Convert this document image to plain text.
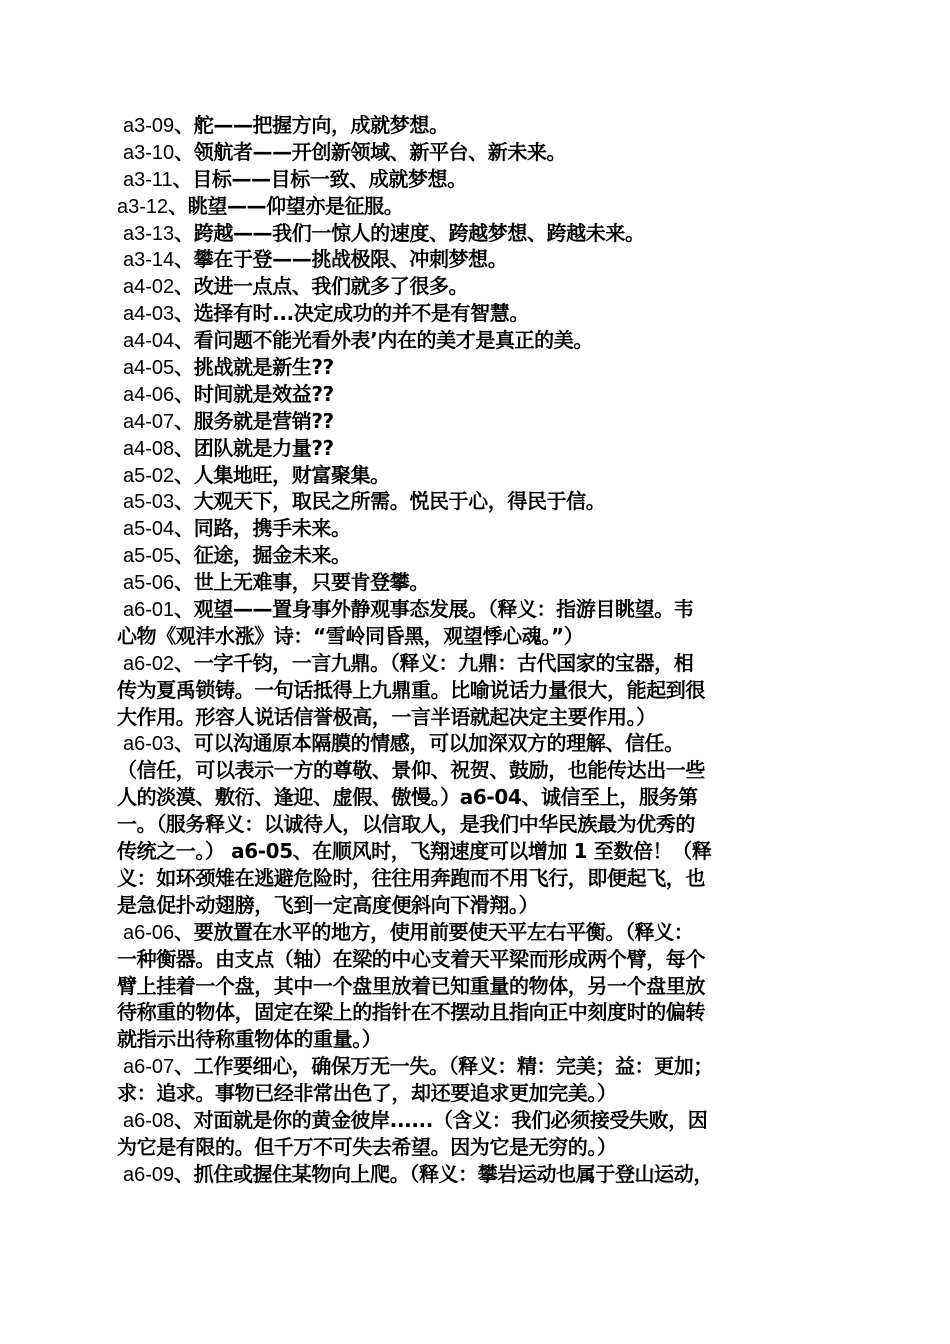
a3-09、舵——把握方向，成就梦想。
a3-10、领航者——开创新领域、新平台、新未来。
a3-11、目标——目标一致、成就梦想。
a3-12、眺望——仰望亦是征服。
a3-13、跨越——我们一惊人的速度、跨越梦想、跨越未来。
a3-14、攀在于登——挑战极限、冲刺梦想。
a4-02、改进一点点、我们就多了很多。
a4-03、选择有时...决定成功的并不是有智慧。
a4-04、看问题不能光看外表’内在的美才是真正的美。
a4-05、挑战就是新生??
a4-06、时间就是效益??
a4-07、服务就是营销??
a4-08、团队就是力量??
a5-02、人集地旺，财富聚集。
a5-03、大观天下，取民之所需。悦民于心，得民于信。
a5-04、同路，携手未来。
a5-05、征途，掘金未来。
a5-06、世上无难事，只要肯登攀。
a6-01、观望——置身事外静观事态发展。（释义：指游目眺望。韦
心物《观沣水涨》诗：“雪岭同昏黑，观望悸心魂。”）
a6-02、一字千钧，一言九鼎。（释义：九鼎：古代国家的宝器，相
传为夏禹锁铸。一句话抵得上九鼎重。比喻说话力量很大，能起到很
大作用。形容人说话信誉极高，一言半语就起决定主要作用。）
a6-03、可以沟通原本隔膜的情感，可以加深双方的理解、信任。
（信任，可以表示一方的尊敬、景仰、祝贺、鼓励，也能传达出一些
人的淡漠、敷衍、逢迎、虚假、傲慢。）a6-04、诚信至上，服务第
一。（服务释义：以诚待人，以信取人，是我们中华民族最为优秀的
传统之一。） a6-05、在顺风时，飞翔速度可以增加 1 至数倍！（释
义：如环颈雉在逃避危险时，往往用奔跑而不用飞行，即便起飞，也
是急促扑动翅膀，飞到一定高度便斜向下滑翔。）
a6-06、要放置在水平的地方，使用前要使天平左右平衡。（释义：
一种衡器。由支点（轴）在梁的中心支着天平梁而形成两个臂，每个
臂上挂着一个盘，其中一个盘里放着已知重量的物体，另一个盘里放
待称重的物体，固定在梁上的指针在不摆动且指向正中刻度时的偏转
就指示出待称重物体的重量。）
a6-07、工作要细心，确保万无一失。（释义：精：完美；益：更加；
求：追求。事物已经非常出色了，却还要追求更加完美。）
a6-08、对面就是你的黄金彼岸......（含义：我们必须接受失败，因
为它是有限的。但千万不可失去希望。因为它是无穷的。）
a6-09、抓住或握住某物向上爬。（释义：攀岩运动也属于登山运动，
